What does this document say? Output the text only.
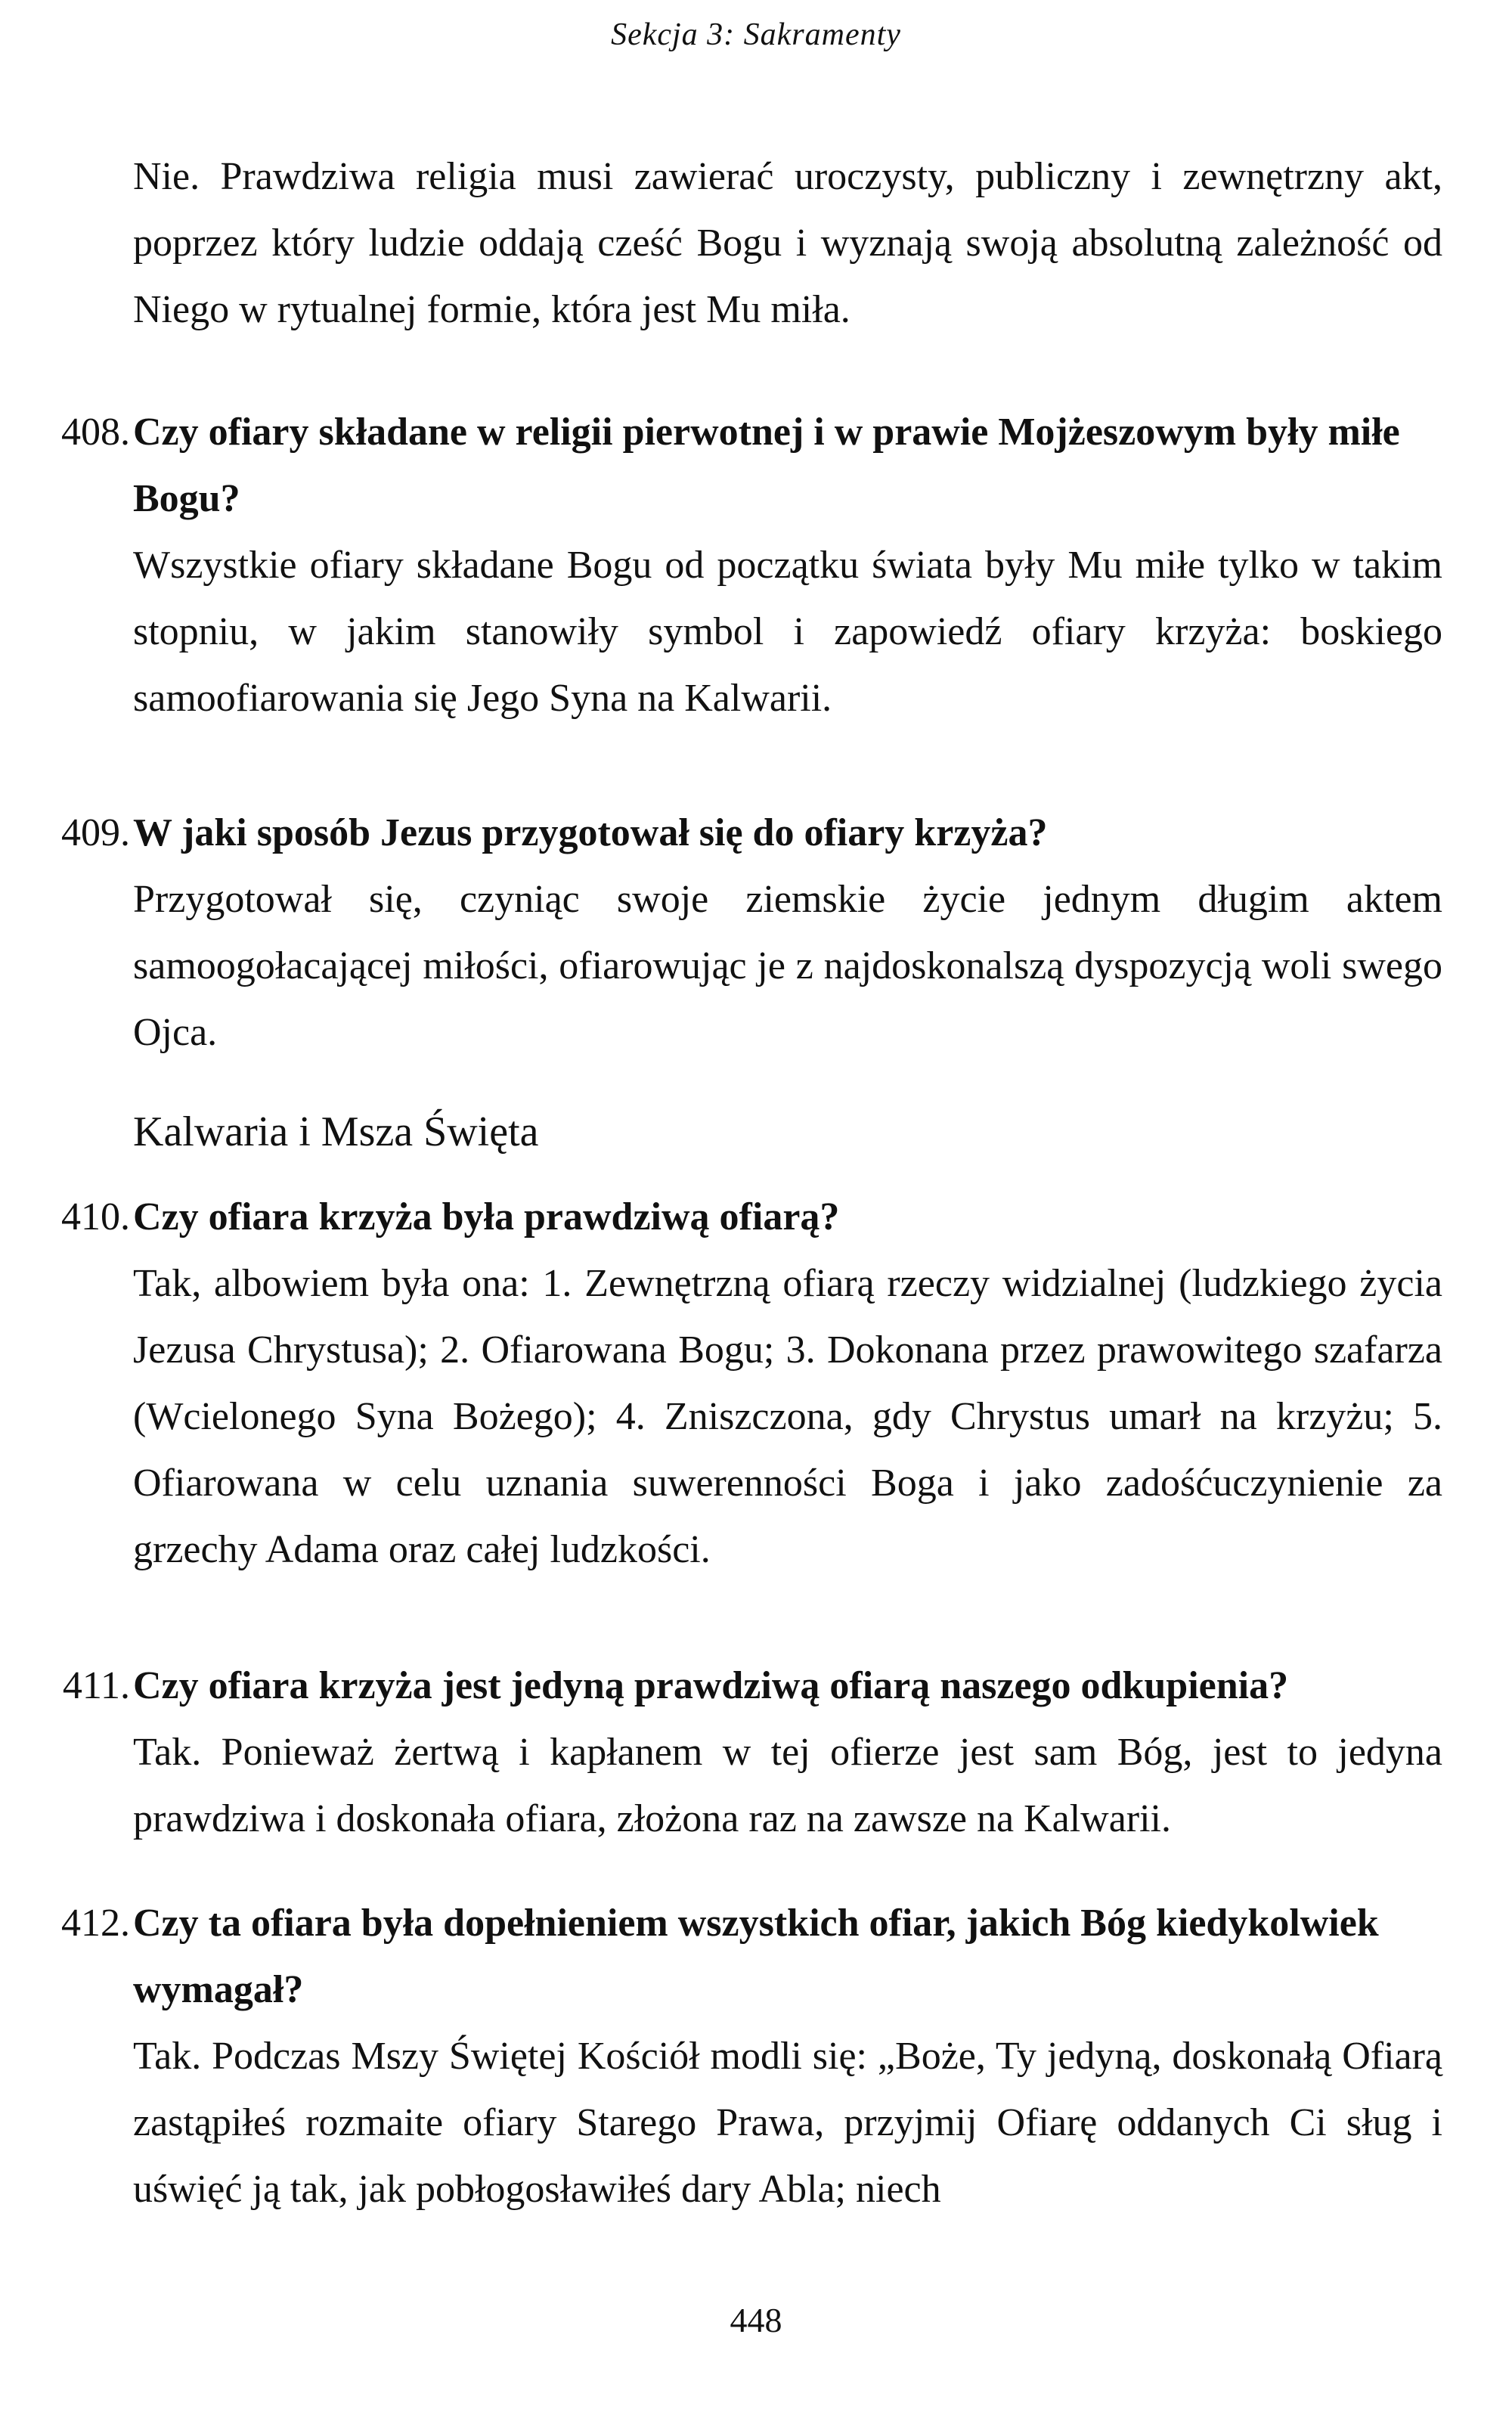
Sekcja 3: Sakramenty
Nie. Prawdziwa religia musi zawierać uroczysty, publiczny i zewnętrzny akt, poprzez który ludzie oddają cześć Bogu i wyznają swoją absolutną zależność od Niego w rytualnej formie, która jest Mu miła.
408. Czy ofiary składane w religii pierwotnej i w prawie Mojżeszowym były miłe Bogu?
Wszystkie ofiary składane Bogu od początku świata były Mu miłe tylko w takim stopniu, w jakim stanowiły symbol i zapowiedź ofiary krzyża: boskiego samoofiarowania się Jego Syna na Kalwarii.
409. W jaki sposób Jezus przygotował się do ofiary krzyża?
Przygotował się, czyniąc swoje ziemskie życie jednym długim aktem samoogołacającej miłości, ofiarowując je z najdoskonalszą dyspozycją woli swego Ojca.
Kalwaria i Msza Święta
410. Czy ofiara krzyża była prawdziwą ofiarą?
Tak, albowiem była ona: 1. Zewnętrzną ofiarą rzeczy widzialnej (ludzkiego życia Jezusa Chrystusa); 2. Ofiarowana Bogu; 3. Dokonana przez prawowitego szafarza (Wcielonego Syna Bożego); 4. Zniszczona, gdy Chrystus umarł na krzyżu; 5. Ofiarowana w celu uznania suwerenności Boga i jako zadośćuczynienie za grzechy Adama oraz całej ludzkości.
411. Czy ofiara krzyża jest jedyną prawdziwą ofiarą naszego odkupienia?
Tak. Ponieważ żertwą i kapłanem w tej ofierze jest sam Bóg, jest to jedyna prawdziwa i doskonała ofiara, złożona raz na zawsze na Kalwarii.
412. Czy ta ofiara była dopełnieniem wszystkich ofiar, jakich Bóg kiedykolwiek wymagał?
Tak. Podczas Mszy Świętej Kościół modli się: „Boże, Ty jedyną, doskonałą Ofiarą zastąpiłeś rozmaite ofiary Starego Prawa, przyjmij Ofiarę oddanych Ci sług i uświęć ją tak, jak pobłogosławiłeś dary Abla; niech
448
